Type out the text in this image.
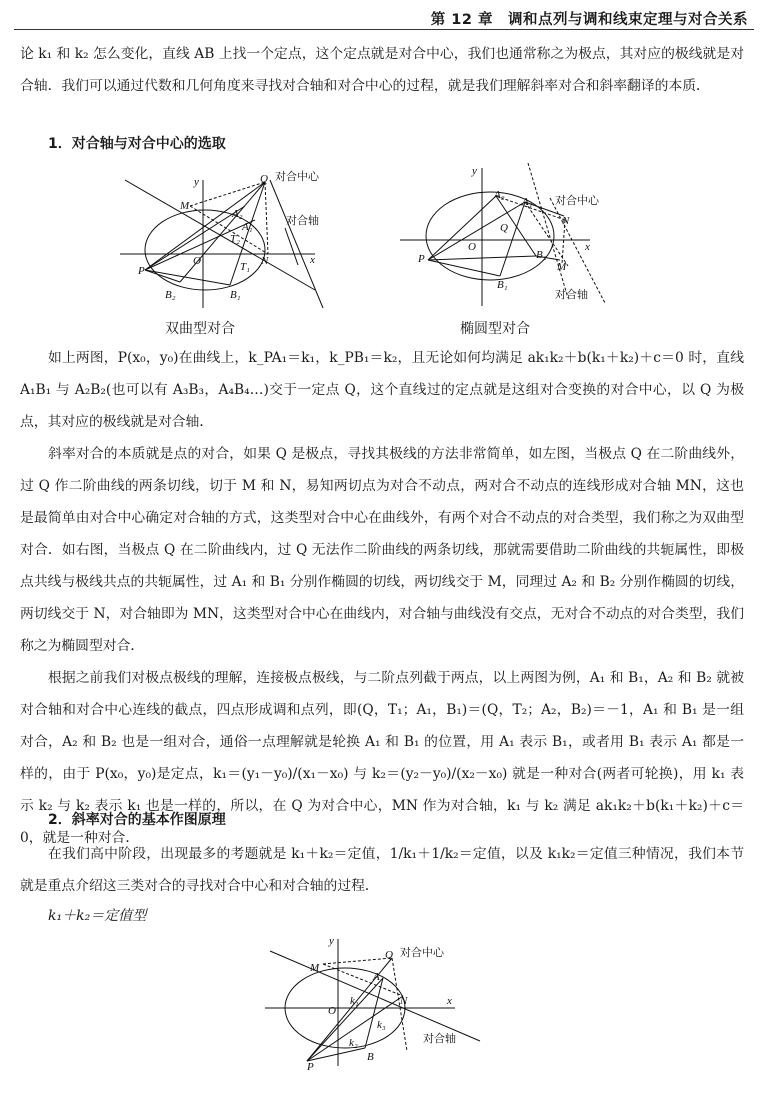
第 12 章　调和点列与调和线束定理与对合关系
论 k₁ 和 k₂ 怎么变化，直线 AB 上找一个定点，这个定点就是对合中心，我们也通常称之为极点，其对应的极线就是对合轴．我们可以通过代数和几何角度来寻找对合轴和对合中心的过程，就是我们理解斜率对合和斜率翻译的本质．
1．对合轴与对合中心的选取
y
x
Q
M
A₂
A₁
T₂
O	T₁ N
P
B₂	B₁
对合中心
对合轴
双曲型对合
y
x
A₂
A₁
Q
N
O
P	B₂
M
B₁
对合中心
对合轴
椭圆型对合
如上两图，P(x₀，y₀)在曲线上，k_PA₁＝k₁，k_PB₁＝k₂，且无论如何均满足 ak₁k₂＋b(k₁＋k₂)＋c＝0 时，直线 A₁B₁ 与 A₂B₂(也可以有 A₃B₃，A₄B₄…)交于一定点 Q，这个直线过的定点就是这组对合变换的对合中心，以 Q 为极点，其对应的极线就是对合轴．
斜率对合的本质就是点的对合，如果 Q 是极点，寻找其极线的方法非常简单，如左图，当极点 Q 在二阶曲线外，过 Q 作二阶曲线的两条切线，切于 M 和 N，易知两切点为对合不动点，两对合不动点的连线形成对合轴 MN，这也是最简单由对合中心确定对合轴的方式，这类型对合中心在曲线外，有两个对合不动点的对合类型，我们称之为双曲型对合．如右图，当极点 Q 在二阶曲线内，过 Q 无法作二阶曲线的两条切线，那就需要借助二阶曲线的共轭属性，即极点共线与极线共点的共轭属性，过 A₁ 和 B₁ 分别作椭圆的切线，两切线交于 M，同理过 A₂ 和 B₂ 分别作椭圆的切线，两切线交于 N，对合轴即为 MN，这类型对合中心在曲线内，对合轴与曲线没有交点，无对合不动点的对合类型，我们称之为椭圆型对合．
根据之前我们对极点极线的理解，连接极点极线，与二阶点列截于两点，以上两图为例，A₁ 和 B₁，A₂ 和 B₂ 就被对合轴和对合中心连线的截点，四点形成调和点列，即(Q，T₁；A₁，B₁)＝(Q，T₂；A₂，B₂)＝－1，A₁ 和 B₁ 是一组对合，A₂ 和 B₂ 也是一组对合，通俗一点理解就是轮换 A₁ 和 B₁ 的位置，用 A₁ 表示 B₁，或者用 B₁ 表示 A₁ 都是一样的，由于 P(x₀，y₀)是定点，k₁＝(y₁－y₀)/(x₁－x₀) 与 k₂＝(y₂－y₀)/(x₂－x₀) 就是一种对合(两者可轮换)，用 k₁ 表示 k₂ 与 k₂ 表示 k₁ 也是一样的，所以，在 Q 为对合中心，MN 作为对合轴，k₁ 与 k₂ 满足 ak₁k₂＋b(k₁＋k₂)＋c＝0，就是一种对合．
2．斜率对合的基本作图原理
在我们高中阶段，出现最多的考题就是 k₁＋k₂＝定值，1/k₁＋1/k₂＝定值，以及 k₁k₂＝定值三种情况，我们本节就是重点介绍这三类对合的寻找对合中心和对合轴的过程．
k₁＋k₂＝定值型
y
x
Q
M
A
k₁	N
O
k₃
k₂
B
P
对合中心
对合轴
